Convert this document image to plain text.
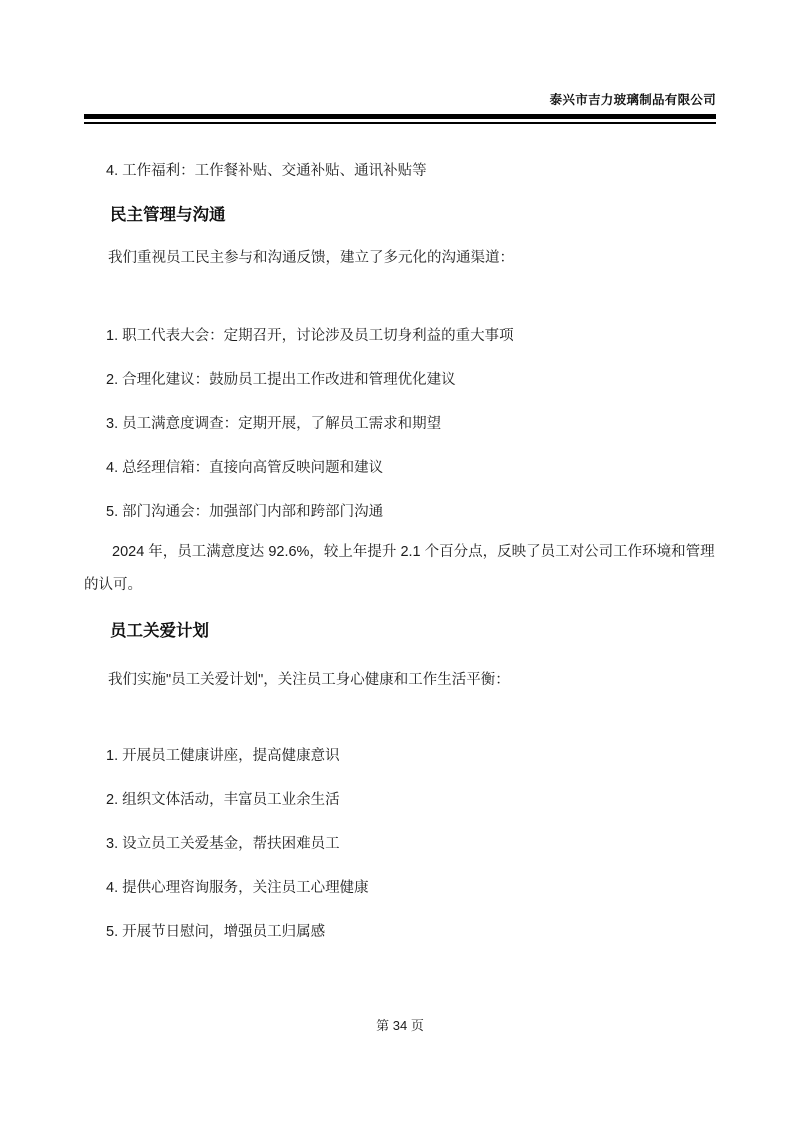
泰兴市吉力玻璃制品有限公司

4. 工作福利：工作餐补贴、交通补贴、通讯补贴等

民主管理与沟通

我们重视员工民主参与和沟通反馈，建立了多元化的沟通渠道：

1. 职工代表大会：定期召开，讨论涉及员工切身利益的重大事项

2. 合理化建议：鼓励员工提出工作改进和管理优化建议

3. 员工满意度调查：定期开展，了解员工需求和期望

4. 总经理信箱：直接向高管反映问题和建议

5. 部门沟通会：加强部门内部和跨部门沟通

2024 年，员工满意度达 92.6%，较上年提升 2.1 个百分点，反映了员工对公司工作环境和管理的认可。

员工关爱计划

我们实施"员工关爱计划"，关注员工身心健康和工作生活平衡：

1. 开展员工健康讲座，提高健康意识

2. 组织文体活动，丰富员工业余生活

3. 设立员工关爱基金，帮扶困难员工

4. 提供心理咨询服务，关注员工心理健康

5. 开展节日慰问，增强员工归属感

第 34 页
